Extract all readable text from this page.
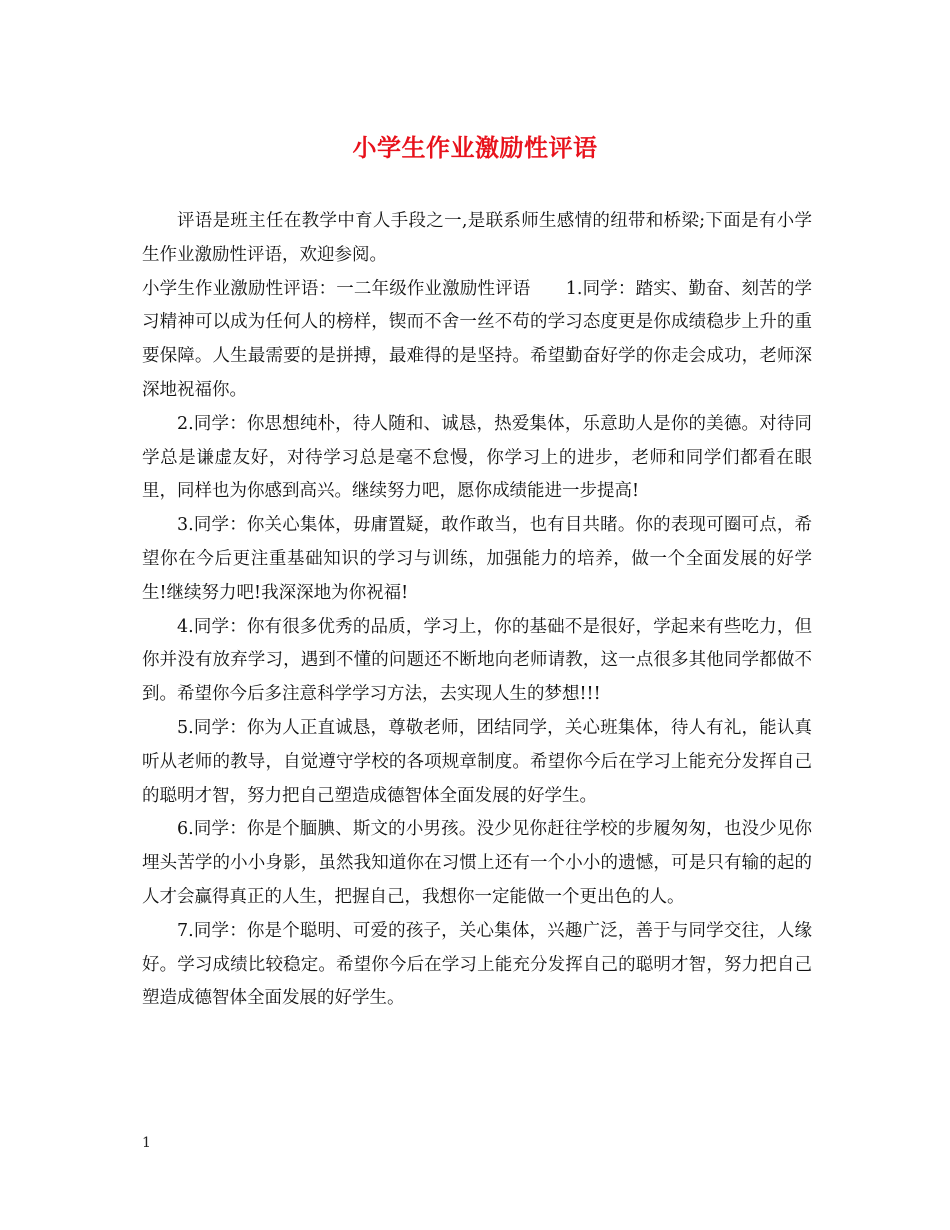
小学生作业激励性评语

评语是班主任在教学中育人手段之一,是联系师生感情的纽带和桥梁;下面是有小学生作业激励性评语，欢迎参阅。

小学生作业激励性评语：一二年级作业激励性评语　　1.同学：踏实、勤奋、刻苦的学习精神可以成为任何人的榜样，锲而不舍一丝不苟的学习态度更是你成绩稳步上升的重要保障。人生最需要的是拼搏，最难得的是坚持。希望勤奋好学的你走会成功，老师深深地祝福你。

2.同学：你思想纯朴，待人随和、诚恳，热爱集体，乐意助人是你的美德。对待同学总是谦虚友好，对待学习总是毫不怠慢，你学习上的进步，老师和同学们都看在眼里，同样也为你感到高兴。继续努力吧，愿你成绩能进一步提高!

3.同学：你关心集体，毋庸置疑，敢作敢当，也有目共睹。你的表现可圈可点，希望你在今后更注重基础知识的学习与训练，加强能力的培养，做一个全面发展的好学生!继续努力吧!我深深地为你祝福!

4.同学：你有很多优秀的品质，学习上，你的基础不是很好，学起来有些吃力，但你并没有放弃学习，遇到不懂的问题还不断地向老师请教，这一点很多其他同学都做不到。希望你今后多注意科学学习方法，去实现人生的梦想!!!

5.同学：你为人正直诚恳，尊敬老师，团结同学，关心班集体，待人有礼，能认真听从老师的教导，自觉遵守学校的各项规章制度。希望你今后在学习上能充分发挥自己的聪明才智，努力把自己塑造成德智体全面发展的好学生。

6.同学：你是个腼腆、斯文的小男孩。没少见你赶往学校的步履匆匆，也没少见你埋头苦学的小小身影，虽然我知道你在习惯上还有一个小小的遗憾，可是只有输的起的人才会赢得真正的人生，把握自己，我想你一定能做一个更出色的人。

7.同学：你是个聪明、可爱的孩子，关心集体，兴趣广泛，善于与同学交往，人缘好。学习成绩比较稳定。希望你今后在学习上能充分发挥自己的聪明才智，努力把自己塑造成德智体全面发展的好学生。

1
